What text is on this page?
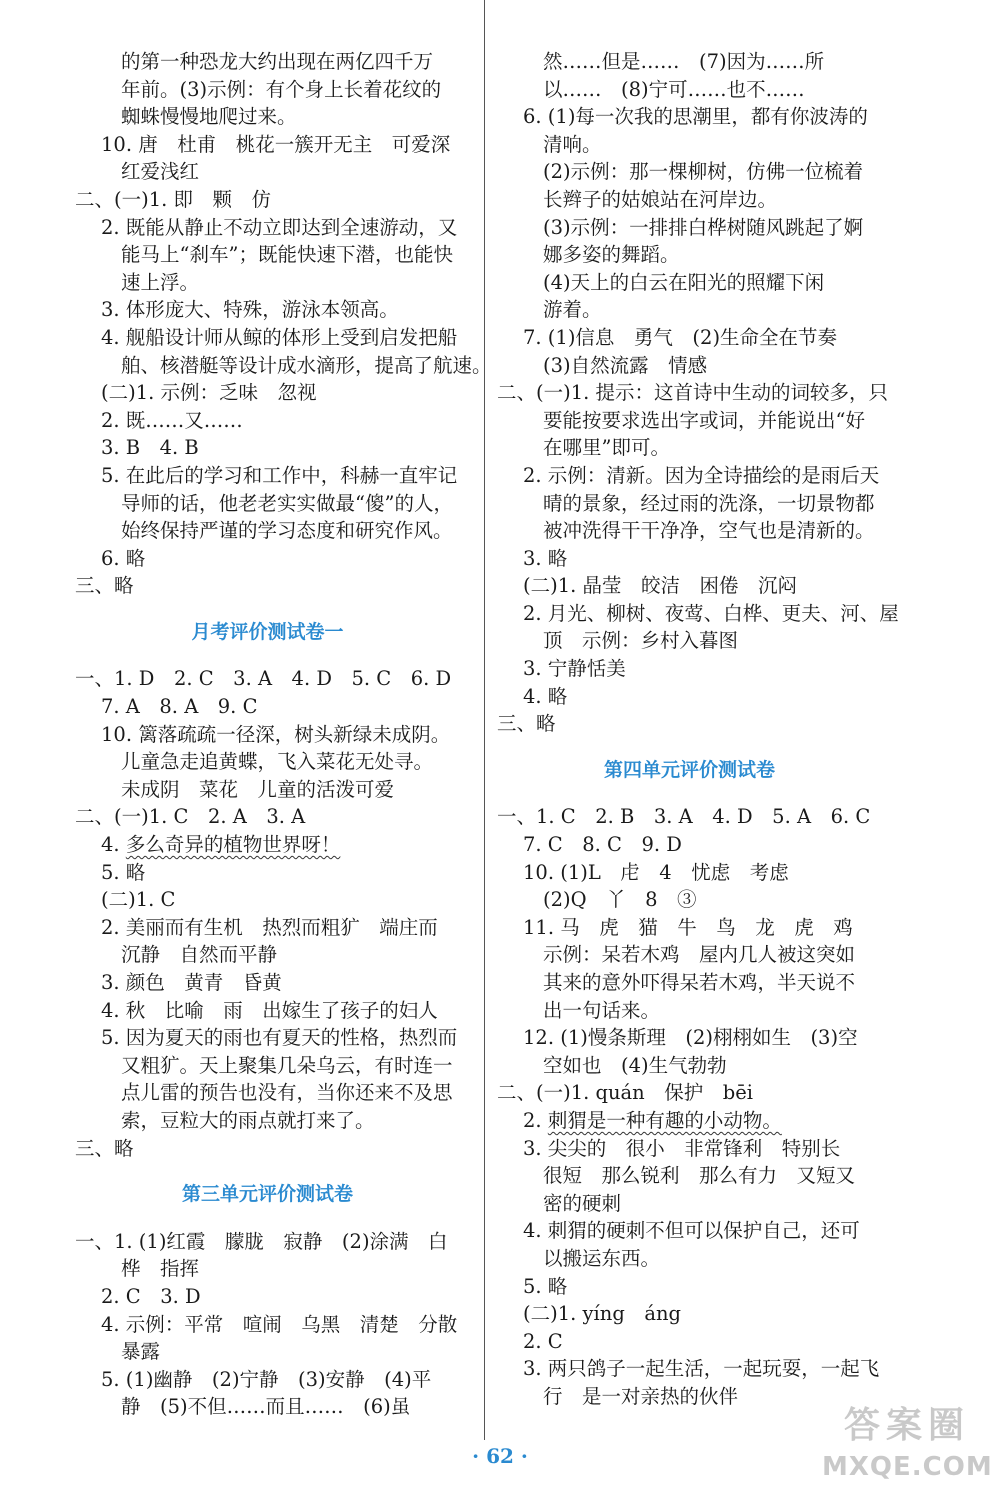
的第一种恐龙大约出现在两亿四千万
年前。(3)示例：有个身上长着花纹的
蜘蛛慢慢地爬过来。
10. 唐　杜甫　桃花一簇开无主　可爱深
红爱浅红
二、(一)1. 即　颗　仿
2. 既能从静止不动立即达到全速游动，又
能马上“刹车”；既能快速下潜，也能快
速上浮。
3. 体形庞大、特殊，游泳本领高。
4. 舰船设计师从鲸的体形上受到启发把船
舶、核潜艇等设计成水滴形，提高了航速。
(二)1. 示例：乏味　忽视
2. 既……又……
3. B　4. B
5. 在此后的学习和工作中，科赫一直牢记
导师的话，他老老实实做最“傻”的人，
始终保持严谨的学习态度和研究作风。
6. 略
三、略
月考评价测试卷一
一、1. D　2. C　3. A　4. D　5. C　6. D
7. A　8. A　9. C
10. 篱落疏疏一径深，树头新绿未成阴。
儿童急走追黄蝶，飞入菜花无处寻。
未成阴　菜花　儿童的活泼可爱
二、(一)1. C　2. A　3. A
4. 多么奇异的植物世界呀！
5. 略
(二)1. C
2. 美丽而有生机　热烈而粗犷　端庄而
沉静　自然而平静
3. 颜色　黄青　昏黄
4. 秋　比喻　雨　出嫁生了孩子的妇人
5. 因为夏天的雨也有夏天的性格，热烈而
又粗犷。天上聚集几朵乌云，有时连一
点儿雷的预告也没有，当你还来不及思
索，豆粒大的雨点就打来了。
三、略
第三单元评价测试卷
一、1. (1)红霞　朦胧　寂静　(2)涂满　白
桦　指挥
2. C　3. D
4. 示例：平常　喧闹　乌黑　清楚　分散
暴露
5. (1)幽静　(2)宁静　(3)安静　(4)平
静　(5)不但……而且……　(6)虽
然……但是……　(7)因为……所
以……　(8)宁可……也不……
6. (1)每一次我的思潮里，都有你波涛的
清响。
(2)示例：那一棵柳树，仿佛一位梳着
长辫子的姑娘站在河岸边。
(3)示例：一排排白桦树随风跳起了婀
娜多姿的舞蹈。
(4)天上的白云在阳光的照耀下闲
游着。
7. (1)信息　勇气　(2)生命全在节奏
(3)自然流露　情感
二、(一)1. 提示：这首诗中生动的词较多，只
要能按要求选出字或词，并能说出“好
在哪里”即可。
2. 示例：清新。因为全诗描绘的是雨后天
晴的景象，经过雨的洗涤，一切景物都
被冲洗得干干净净，空气也是清新的。
3. 略
(二)1. 晶莹　皎洁　困倦　沉闷
2. 月光、柳树、夜莺、白桦、更夫、河、屋
顶　示例：乡村入暮图
3. 宁静恬美
4. 略
三、略
第四单元评价测试卷
一、1. C　2. B　3. A　4. D　5. A　6. C
7. C　8. C　9. D
10. (1)L　虍　4　忧虑　考虑
(2)Q　丫　8　③
11. 马　虎　猫　牛　鸟　龙　虎　鸡
示例：呆若木鸡　屋内几人被这突如
其来的意外吓得呆若木鸡，半天说不
出一句话来。
12. (1)慢条斯理　(2)栩栩如生　(3)空
空如也　(4)生气勃勃
二、(一)1. quán　保护　bēi
2. 刺猬是一种有趣的小动物。
3. 尖尖的　很小　非常锋利　特别长
很短　那么锐利　那么有力　又短又
密的硬刺
4. 刺猬的硬刺不但可以保护自己，还可
以搬运东西。
5. 略
(二)1. yíng　áng
2. C
3. 两只鸽子一起生活，一起玩耍，一起飞
行　是一对亲热的伙伴
· 62 ·
答案圈
MXQE.COM
